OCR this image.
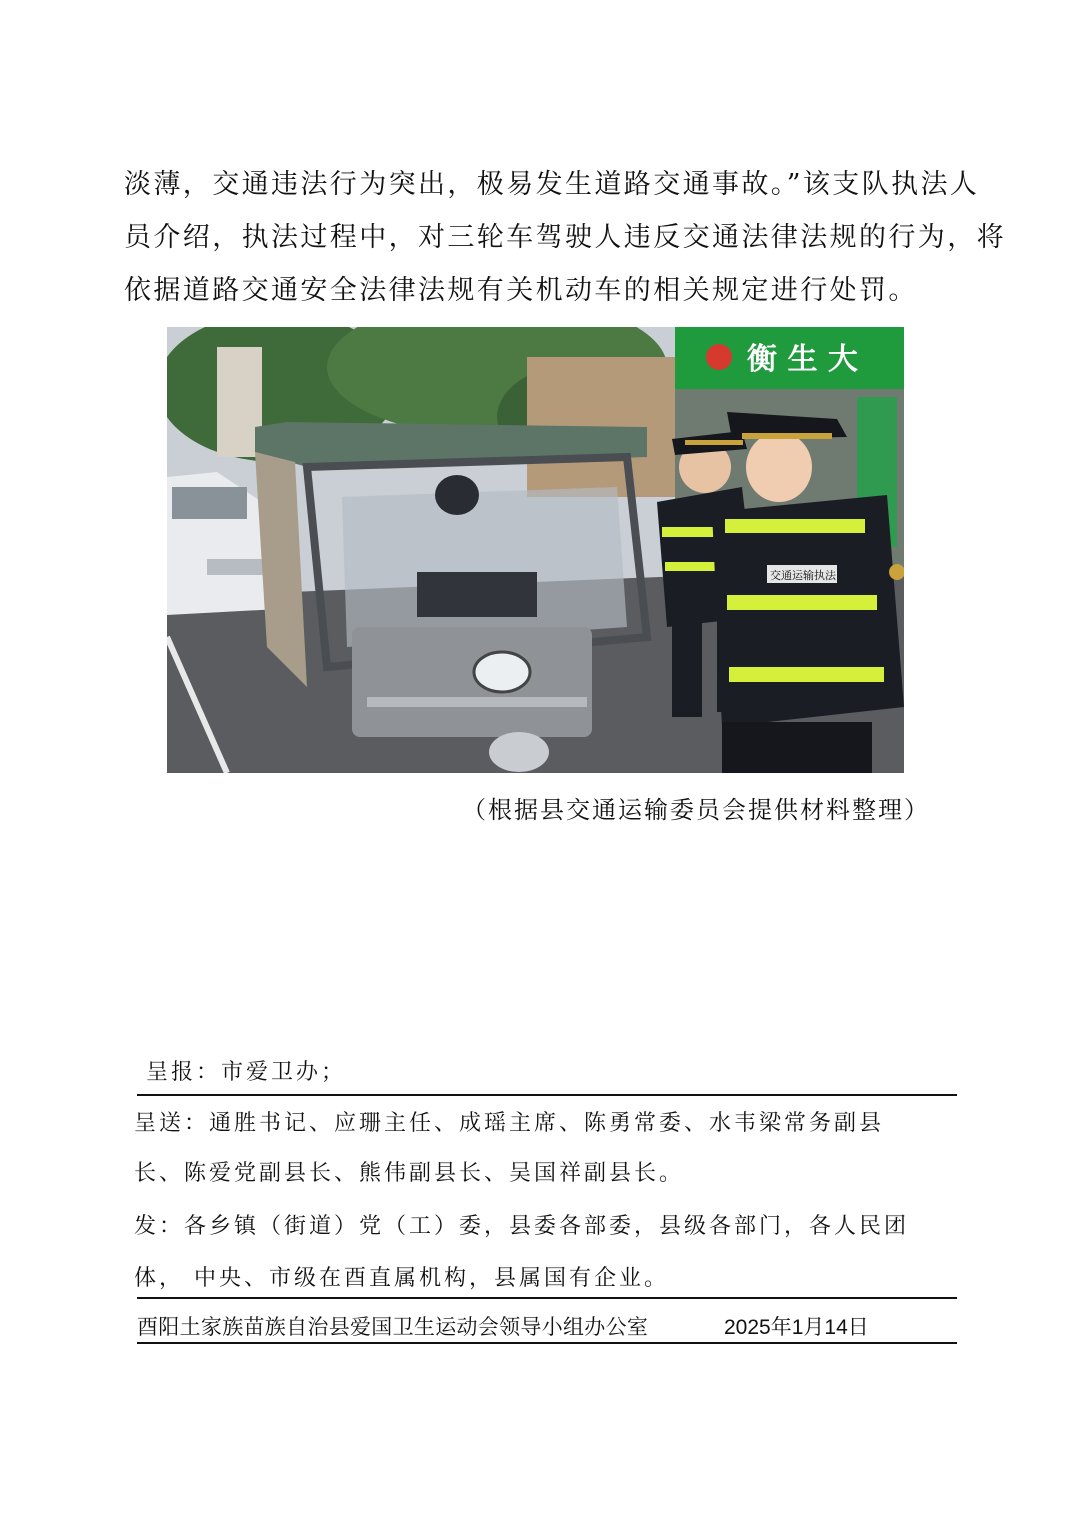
淡薄，交通违法行为突出，极易发生道路交通事故。”该支队执法人
员介绍，执法过程中，对三轮车驾驶人违反交通法律法规的行为，将
依据道路交通安全法律法规有关机动车的相关规定进行处罚。
衡 生 大
交通运输执法
（根据县交通运输委员会提供材料整理）
呈报：市爱卫办；
呈送：通胜书记、应珊主任、成瑶主席、陈勇常委、水韦梁常务副县
长、陈爱党副县长、熊伟副县长、吴国祥副县长。
发：各乡镇（街道）党（工）委，县委各部委，县级各部门，各人民团
体， 中央、市级在酉直属机构，县属国有企业。
酉阳土家族苗族自治县爱国卫生运动会领导小组办公室	2025年1月14日
